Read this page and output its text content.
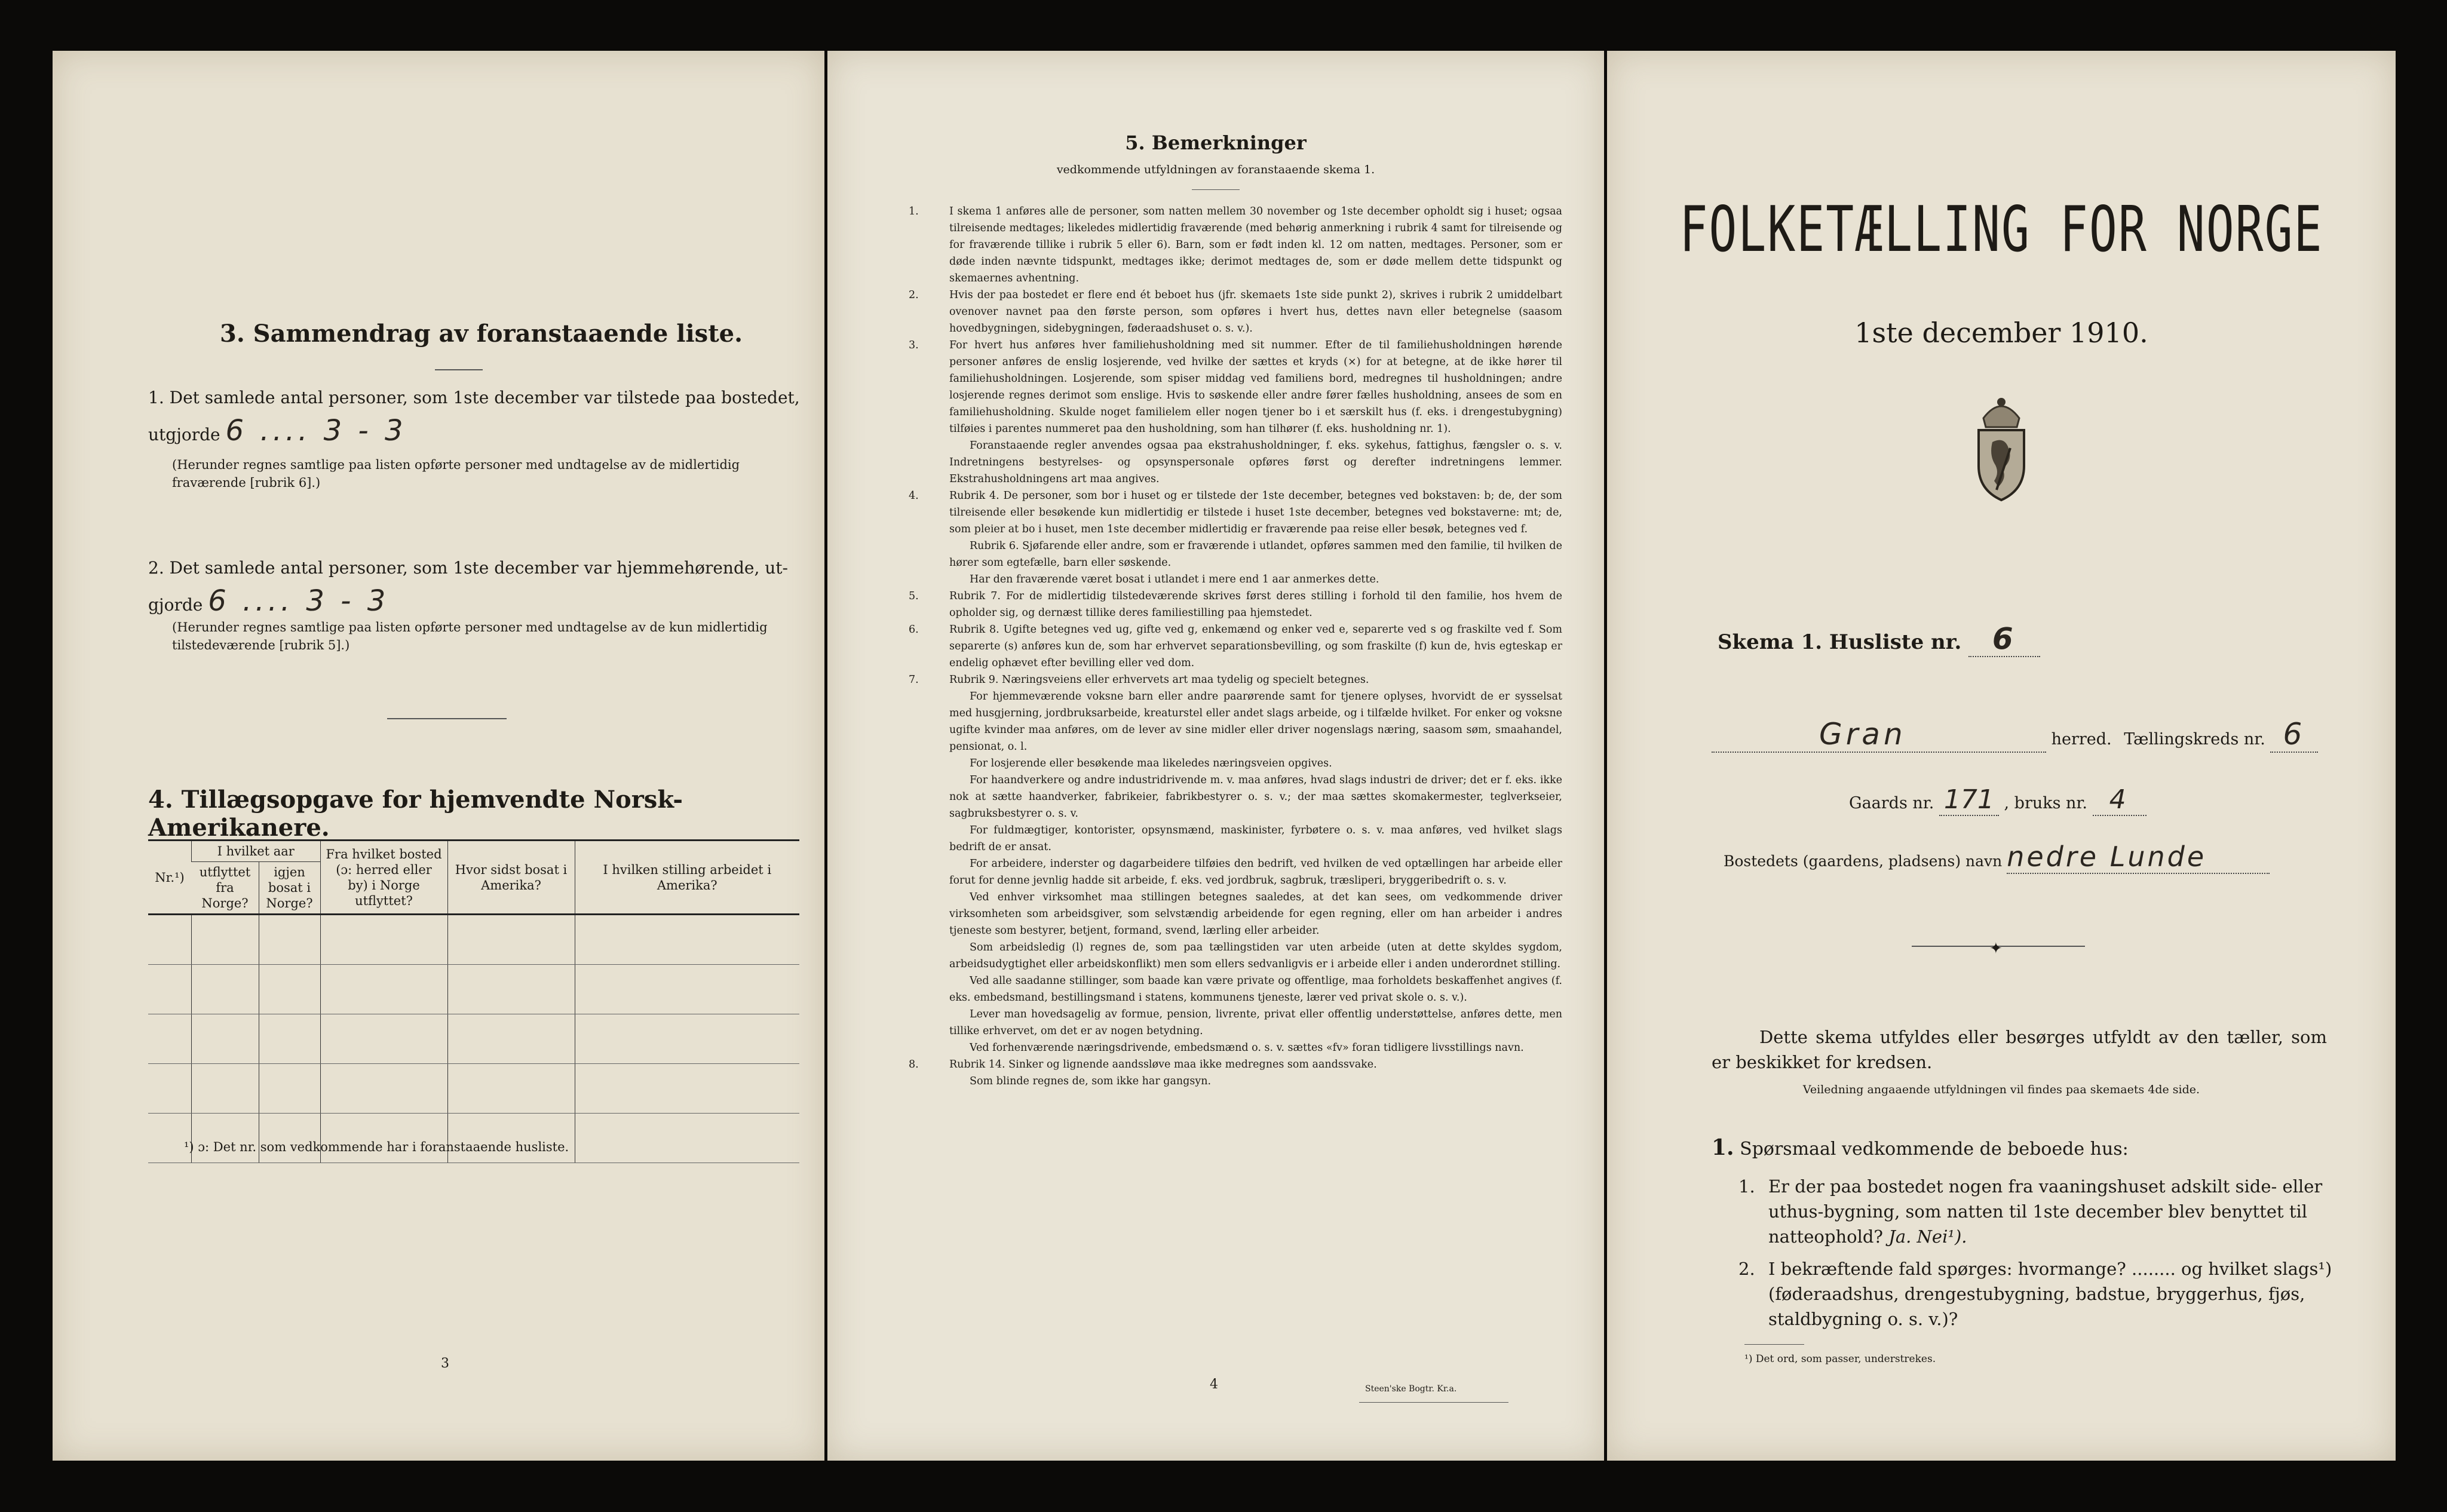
3. Sammendrag av foranstaaende liste.
1. Det samlede antal personer, som 1ste december var tilstede paa bostedet,
utgjorde 6 .... 3 - 3
(Herunder regnes samtlige paa listen opførte personer med undtagelse av de midlertidig fraværende [rubrik 6].)
2. Det samlede antal personer, som 1ste december var hjemmehørende, ut-
gjorde 6 .... 3 - 3
(Herunder regnes samtlige paa listen opførte personer med undtagelse av de kun midlertidig tilstedeværende [rubrik 5].)
4. Tillægsopgave for hjemvendte Norsk-Amerikanere.
Nr.¹)	I hvilket aar		Fra hvilket bosted (ɔ: herred eller by) i Norge utflyttet?	Hvor sidst bosat i Amerika?	I hvilken stilling arbeidet i Amerika?
	utflyttet fra Norge?	igjen bosat i Norge?			

¹) ɔ: Det nr. som vedkommende har i foranstaaende husliste.
3
5. Bemerkninger
vedkommende utfyldningen av foranstaaende skema 1.

1.	I skema 1 anføres alle de personer, som natten mellem 30 november og 1ste december opholdt sig i huset; ogsaa tilreisende medtages; likeledes midlertidig fraværende (med behørig anmerkning i rubrik 4 samt for tilreisende og for fraværende tillike i rubrik 5 eller 6). Barn, som er født inden kl. 12 om natten, medtages. Personer, som er døde inden nævnte tidspunkt, medtages ikke; derimot medtages de, som er døde mellem dette tidspunkt og skemaernes avhentning.

2.	Hvis der paa bostedet er flere end ét beboet hus (jfr. skemaets 1ste side punkt 2), skrives i rubrik 2 umiddelbart ovenover navnet paa den første person, som opføres i hvert hus, dettes navn eller betegnelse (saasom hovedbygningen, sidebygningen, føderaadshuset o. s. v.).

3.	For hvert hus anføres hver familiehusholdning med sit nummer. Efter de til familiehusholdningen hørende personer anføres de enslig losjerende, ved hvilke der sættes et kryds (×) for at betegne, at de ikke hører til familiehusholdningen. Losjerende, som spiser middag ved familiens bord, medregnes til husholdningen; andre losjerende regnes derimot som enslige. Hvis to søskende eller andre fører fælles husholdning, ansees de som en familiehusholdning. Skulde noget familielem eller nogen tjener bo i et særskilt hus (f. eks. i drengestubygning) tilføies i parentes nummeret paa den husholdning, som han tilhører (f. eks. husholdning nr. 1).

Foranstaaende regler anvendes ogsaa paa ekstrahusholdninger, f. eks. sykehus, fattighus, fængsler o. s. v. Indretningens bestyrelses- og opsynspersonale opføres først og derefter indretningens lemmer. Ekstrahusholdningens art maa angives.

4.	Rubrik 4. De personer, som bor i huset og er tilstede der 1ste december, betegnes ved bokstaven: b; de, der som tilreisende eller besøkende kun midlertidig er tilstede i huset 1ste december, betegnes ved bokstaverne: mt; de, som pleier at bo i huset, men 1ste december midlertidig er fraværende paa reise eller besøk, betegnes ved f.

Rubrik 6. Sjøfarende eller andre, som er fraværende i utlandet, opføres sammen med den familie, til hvilken de hører som egtefælle, barn eller søskende.

Har den fraværende været bosat i utlandet i mere end 1 aar anmerkes dette.

5.	Rubrik 7. For de midlertidig tilstedeværende skrives først deres stilling i forhold til den familie, hos hvem de opholder sig, og dernæst tillike deres familiestilling paa hjemstedet.

6.	Rubrik 8. Ugifte betegnes ved ug, gifte ved g, enkemænd og enker ved e, separerte ved s og fraskilte ved f. Som separerte (s) anføres kun de, som har erhvervet separationsbevilling, og som fraskilte (f) kun de, hvis egteskap er endelig ophævet efter bevilling eller ved dom.

7.	Rubrik 9. Næringsveiens eller erhvervets art maa tydelig og specielt betegnes.

For hjemmeværende voksne barn eller andre paarørende samt for tjenere oplyses, hvorvidt de er sysselsat med husgjerning, jordbruksarbeide, kreaturstel eller andet slags arbeide, og i tilfælde hvilket. For enker og voksne ugifte kvinder maa anføres, om de lever av sine midler eller driver nogenslags næring, saasom søm, smaahandel, pensionat, o. l.

For losjerende eller besøkende maa likeledes næringsveien opgives.

For haandverkere og andre industridrivende m. v. maa anføres, hvad slags industri de driver; det er f. eks. ikke nok at sætte haandverker, fabrikeier, fabrikbestyrer o. s. v.; der maa sættes skomakermester, teglverkseier, sagbruksbestyrer o. s. v.

For fuldmægtiger, kontorister, opsynsmænd, maskinister, fyrbøtere o. s. v. maa anføres, ved hvilket slags bedrift de er ansat.

For arbeidere, inderster og dagarbeidere tilføies den bedrift, ved hvilken de ved optællingen har arbeide eller forut for denne jevnlig hadde sit arbeide, f. eks. ved jordbruk, sagbruk, træsliperi, bryggeribedrift o. s. v.

Ved enhver virksomhet maa stillingen betegnes saaledes, at det kan sees, om vedkommende driver virksomheten som arbeidsgiver, som selvstændig arbeidende for egen regning, eller om han arbeider i andres tjeneste som bestyrer, betjent, formand, svend, lærling eller arbeider.

Som arbeidsledig (l) regnes de, som paa tællingstiden var uten arbeide (uten at dette skyldes sygdom, arbeidsudygtighet eller arbeidskonflikt) men som ellers sedvanligvis er i arbeide eller i anden underordnet stilling.

Ved alle saadanne stillinger, som baade kan være private og offentlige, maa forholdets beskaffenhet angives (f. eks. embedsmand, bestillingsmand i statens, kommunens tjeneste, lærer ved privat skole o. s. v.).

Lever man hovedsagelig av formue, pension, livrente, privat eller offentlig understøttelse, anføres dette, men tillike erhvervet, om det er av nogen betydning.

Ved forhenværende næringsdrivende, embedsmænd o. s. v. sættes «fv» foran tidligere livsstillings navn.

8.	Rubrik 14. Sinker og lignende aandssløve maa ikke medregnes som aandssvake.

Som blinde regnes de, som ikke har gangsyn.

4	Steen'ske Bogtr. Kr.a.
FOLKETÆLLING FOR NORGE
1ste december 1910.
Skema 1. Husliste nr. 6
Gran	herred. Tællingskreds nr. 6
Gaards nr. 171 , bruks nr. 4
Bostedets (gaardens, pladsens) navn nedre Lunde
✦
Dette skema utfyldes eller besørges utfyldt av den tæller, som er beskikket for kredsen.
Veiledning angaaende utfyldningen vil findes paa skemaets 4de side.
1. Spørsmaal vedkommende de beboede hus:
1. Er der paa bostedet nogen fra vaaningshuset adskilt side- eller uthus-bygning, som natten til 1ste december blev benyttet til natteophold? Ja. Nei¹).
2. I bekræftende fald spørges: hvormange? ........ og hvilket slags¹) (føderaadshus, drengestubygning, badstue, bryggerhus, fjøs, staldbygning o. s. v.)?
¹) Det ord, som passer, understrekes.
